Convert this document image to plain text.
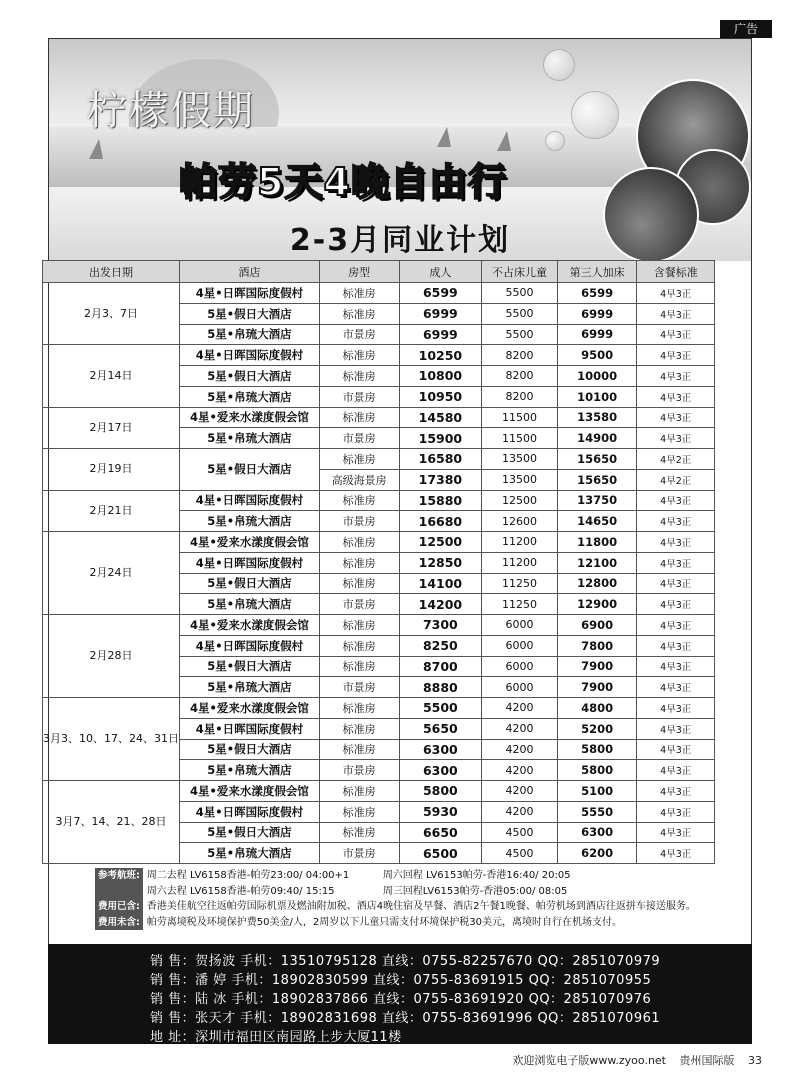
广告
柠檬假期
帕劳5天4晚自由行
2-3月同业计划
出发日期	酒店	房型	成人	不占床儿童	第三人加床	含餐标准
2月3、7日	4星•日晖国际度假村	标准房	6599	5500	6599	4早3正
	5星•假日大酒店	标准房	6999	5500	6999	4早3正
	5星•帛琉大酒店	市景房	6999	5500	6999	4早3正
2月14日	4星•日晖国际度假村	标准房	10250	8200	9500	4早3正
	5星•假日大酒店	标准房	10800	8200	10000	4早3正
	5星•帛琉大酒店	市景房	10950	8200	10100	4早3正
2月17日	4星•爱来水漾度假会馆	标准房	14580	11500	13580	4早3正
	5星•帛琉大酒店	市景房	15900	11500	14900	4早3正
2月19日	5星•假日大酒店	标准房	16580	13500	15650	4早2正
		高级海景房	17380	13500	15650	4早2正
2月21日	4星•日晖国际度假村	标准房	15880	12500	13750	4早3正
	5星•帛琉大酒店	市景房	16680	12600	14650	4早3正
2月24日	4星•爱来水漾度假会馆	标准房	12500	11200	11800	4早3正
	4星•日晖国际度假村	标准房	12850	11200	12100	4早3正
	5星•假日大酒店	标准房	14100	11250	12800	4早3正
	5星•帛琉大酒店	市景房	14200	11250	12900	4早3正
2月28日	4星•爱来水漾度假会馆	标准房	7300	6000	6900	4早3正
	4星•日晖国际度假村	标准房	8250	6000	7800	4早3正
	5星•假日大酒店	标准房	8700	6000	7900	4早3正
	5星•帛琉大酒店	市景房	8880	6000	7900	4早3正
3月3、10、17、24、31日	4星•爱来水漾度假会馆	标准房	5500	4200	4800	4早3正
	4星•日晖国际度假村	标准房	5650	4200	5200	4早3正
	5星•假日大酒店	标准房	6300	4200	5800	4早3正
	5星•帛琉大酒店	市景房	6300	4200	5800	4早3正
3月7、14、21、28日	4星•爱来水漾度假会馆	标准房	5800	4200	5100	4早3正
	4星•日晖国际度假村	标准房	5930	4200	5550	4早3正
	5星•假日大酒店	标准房	6650	4500	6300	4早3正
	5星•帛琉大酒店	市景房	6500	4500	6200	4早3正
参考航班: 周二去程 LV6158香港-帕劳23:00/ 04:00+1	周六回程 LV6153帕劳-香港16:40/ 20:05
周六去程 LV6158香港-帕劳09:40/ 15:15	周三回程LV6153帕劳-香港05:00/ 08:05
费用已含: 香港美佳航空往返帕劳国际机票及燃油附加税、酒店4晚住宿及早餐、酒店2午餐1晚餐、帕劳机场到酒店往返拼车接送服务。
费用未含: 帕劳离境税及环境保护费50美金/人，2周岁以下儿童只需支付环境保护税30美元，离境时自行在机场支付。
销 售：贺扬波 手机：13510795128 直线：0755-82257670 QQ：2851070979
销 售：潘 婷 手机：18902830599 直线：0755-83691915 QQ：2851070955
销 售：陆 冰 手机：18902837866 直线：0755-83691920 QQ：2851070976
销 售：张天才 手机：18902831698 直线：0755-83691996 QQ：2851070961
地 址：深圳市福田区南园路上步大厦11楼
欢迎浏览电子版www.zyoo.net 贵州国际版 33
